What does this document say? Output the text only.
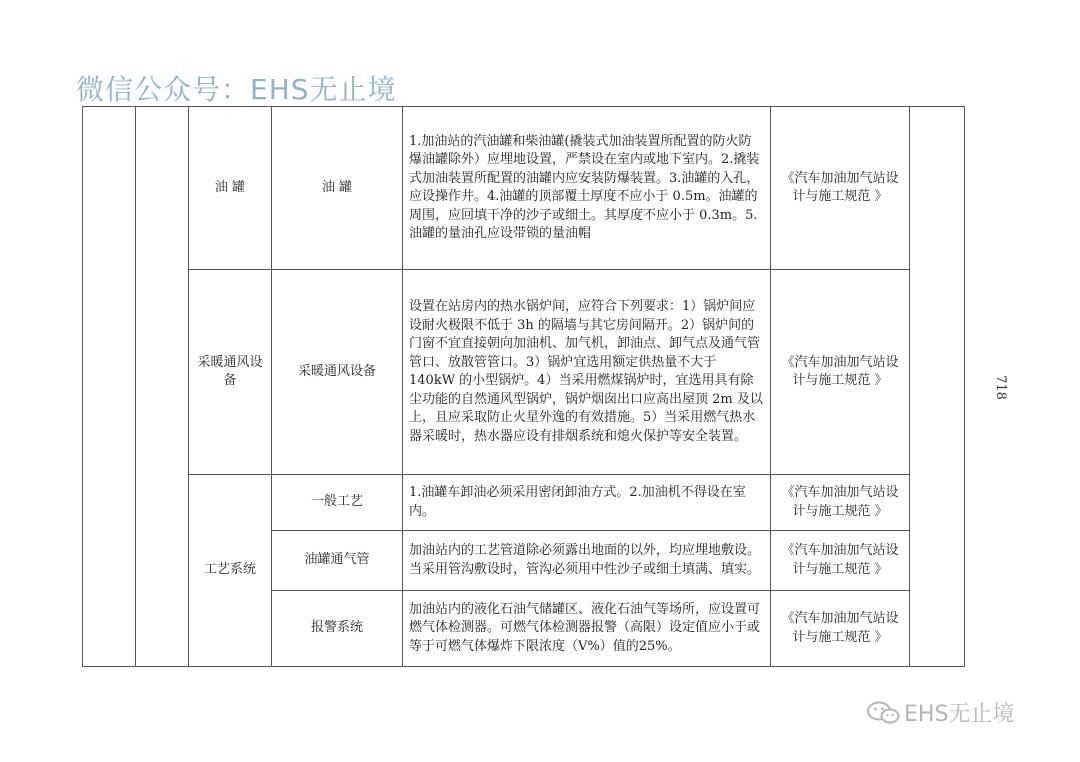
微信公众号：EHS无止境
		油 罐	油 罐	1.加油站的汽油罐和柴油罐(撬装式加油装置所配置的防火防爆油罐除外）应埋地设置，严禁设在室内或地下室内。2.撬装式加油装置所配置的油罐内应安装防爆装置。3.油罐的入孔，应设操作井。4.油罐的顶部覆土厚度不应小于 0.5m。油罐的周围，应回填干净的沙子或细土。其厚度不应小于 0.3m。5.油罐的量油孔应设带锁的量油帽	《汽车加油加气站设计与施工规范 》	
		采暖通风设备	采暖通风设备	设置在站房内的热水锅炉间，应符合下列要求：1）锅炉间应设耐火极限不低于 3h 的隔墙与其它房间隔开。2）锅炉间的门窗不宜直接朝向加油机、加气机，卸油点、卸气点及通气管管口、放散管管口。3）锅炉宜选用额定供热量不大于 140kW 的小型锅炉。4）当采用燃煤锅炉时，宜选用具有除尘功能的自然通风型锅炉，锅炉烟囱出口应高出屋顶 2m 及以上，且应采取防止火星外逸的有效措施。5）当采用燃气热水器采暖时，热水器应设有排烟系统和熄火保护等安全装置。	《汽车加油加气站设计与施工规范 》	
		工艺系统	一般工艺	1.油罐车卸油必须采用密闭卸油方式。2.加油机不得设在室内。	《汽车加油加气站设计与施工规范 》	
			油罐通气管	加油站内的工艺管道除必须露出地面的以外，均应埋地敷设。当采用管沟敷设时，管沟必须用中性沙子或细土填满、填实。	《汽车加油加气站设计与施工规范 》	
			报警系统	加油站内的液化石油气储罐区、液化石油气等场所，应设置可燃气体检测器。可燃气体检测器报警（高限）设定值应小于或等于可燃气体爆炸下限浓度（V%）值的25%。	《汽车加油加气站设计与施工规范 》	
718
EHS无止境
